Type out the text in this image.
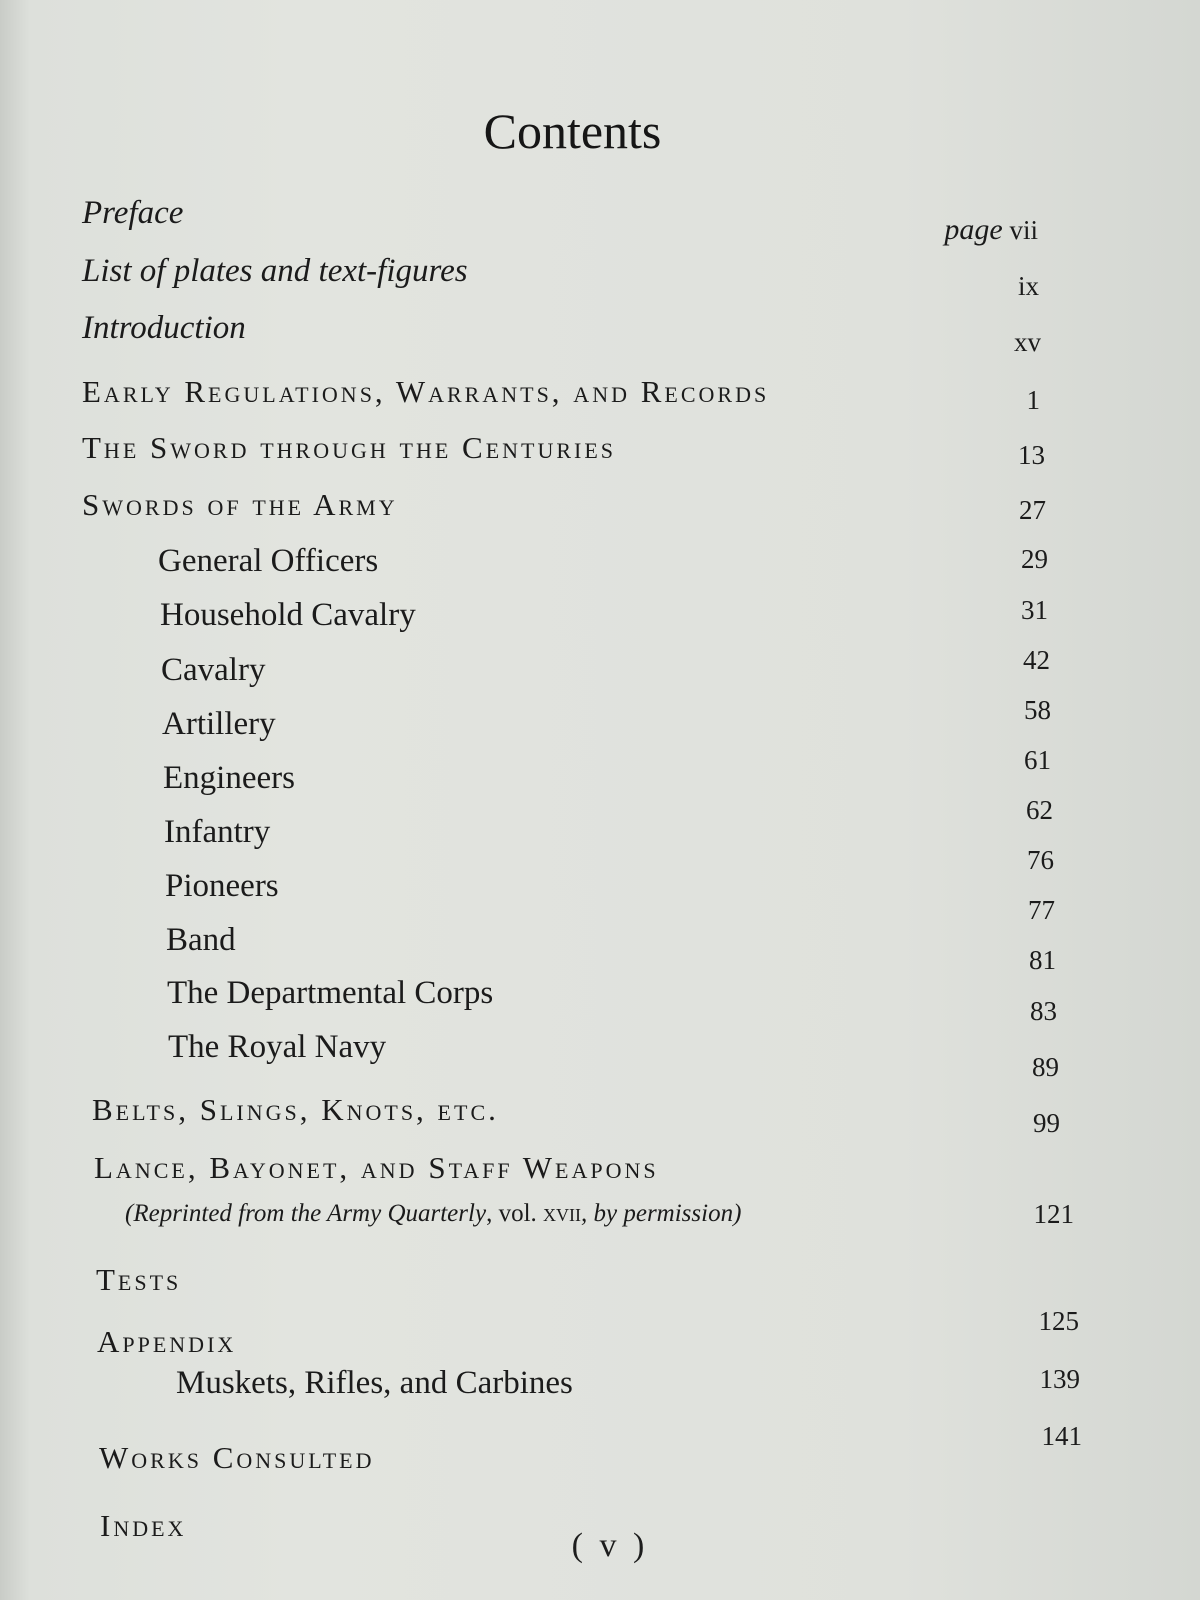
Contents
Preface
List of plates and text-figures
Introduction
Early Regulations, Warrants, and Records
The Sword through the Centuries
Swords of the Army
General Officers
Household Cavalry
Cavalry
Artillery
Engineers
Infantry
Pioneers
Band
The Departmental Corps
The Royal Navy
Belts, Slings, Knots, etc.
Lance, Bayonet, and Staff Weapons
(Reprinted from the Army Quarterly, vol. xvii, by permission)
Tests
Appendix
Muskets, Rifles, and Carbines
Works Consulted
Index
page vii
ix
xv
1
13
27
29
31
42
58
61
62
76
77
81
83
89
99
121
125
139
141
( v )
